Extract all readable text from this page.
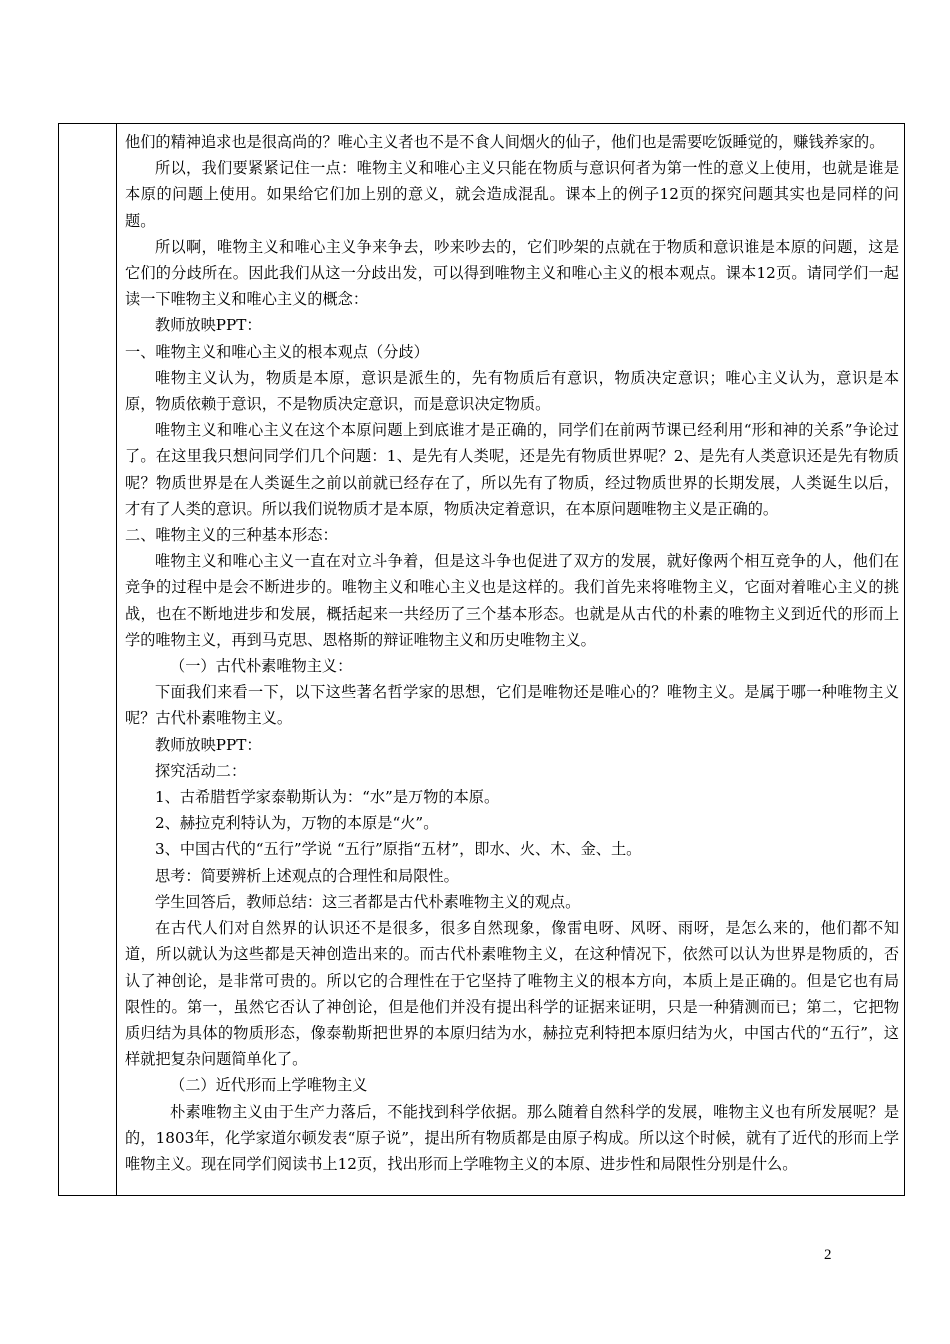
他们的精神追求也是很高尚的？唯心主义者也不是不食人间烟火的仙子，他们也是需要吃饭睡觉的，赚钱养家的。

所以，我们要紧紧记住一点：唯物主义和唯心主义只能在物质与意识何者为第一性的意义上使用，也就是谁是本原的问题上使用。如果给它们加上别的意义，就会造成混乱。课本上的例子12页的探究问题其实也是同样的问题。

所以啊，唯物主义和唯心主义争来争去，吵来吵去的，它们吵架的点就在于物质和意识谁是本原的问题，这是它们的分歧所在。因此我们从这一分歧出发，可以得到唯物主义和唯心主义的根本观点。课本12页。请同学们一起读一下唯物主义和唯心主义的概念：

教师放映PPT：

一、唯物主义和唯心主义的根本观点（分歧）

唯物主义认为，物质是本原，意识是派生的，先有物质后有意识，物质决定意识；唯心主义认为，意识是本原，物质依赖于意识，不是物质决定意识，而是意识决定物质。

唯物主义和唯心主义在这个本原问题上到底谁才是正确的，同学们在前两节课已经利用“形和神的关系”争论过了。在这里我只想问同学们几个问题：1、是先有人类呢，还是先有物质世界呢？2、是先有人类意识还是先有物质呢？物质世界是在人类诞生之前以前就已经存在了，所以先有了物质，经过物质世界的长期发展，人类诞生以后，才有了人类的意识。所以我们说物质才是本原，物质决定着意识，在本原问题唯物主义是正确的。

二、唯物主义的三种基本形态：

唯物主义和唯心主义一直在对立斗争着，但是这斗争也促进了双方的发展，就好像两个相互竞争的人，他们在竞争的过程中是会不断进步的。唯物主义和唯心主义也是这样的。我们首先来将唯物主义，它面对着唯心主义的挑战，也在不断地进步和发展，概括起来一共经历了三个基本形态。也就是从古代的朴素的唯物主义到近代的形而上学的唯物主义，再到马克思、恩格斯的辩证唯物主义和历史唯物主义。

（一）古代朴素唯物主义：

下面我们来看一下，以下这些著名哲学家的思想，它们是唯物还是唯心的？唯物主义。是属于哪一种唯物主义呢？古代朴素唯物主义。

教师放映PPT：

探究活动二：

1、古希腊哲学家泰勒斯认为：“水”是万物的本原。

2、赫拉克利特认为，万物的本原是“火”。

3、中国古代的“五行”学说 “五行”原指“五材”，即水、火、木、金、土。

思考：简要辨析上述观点的合理性和局限性。

学生回答后，教师总结：这三者都是古代朴素唯物主义的观点。

在古代人们对自然界的认识还不是很多，很多自然现象，像雷电呀、风呀、雨呀，是怎么来的，他们都不知道，所以就认为这些都是天神创造出来的。而古代朴素唯物主义，在这种情况下，依然可以认为世界是物质的，否认了神创论，是非常可贵的。所以它的合理性在于它坚持了唯物主义的根本方向，本质上是正确的。但是它也有局限性的。第一，虽然它否认了神创论，但是他们并没有提出科学的证据来证明，只是一种猜测而已；第二，它把物质归结为具体的物质形态，像泰勒斯把世界的本原归结为水，赫拉克利特把本原归结为火，中国古代的“五行”，这样就把复杂问题简单化了。

（二）近代形而上学唯物主义

朴素唯物主义由于生产力落后，不能找到科学依据。那么随着自然科学的发展，唯物主义也有所发展呢？是的，1803年，化学家道尔顿发表“原子说”，提出所有物质都是由原子构成。所以这个时候，就有了近代的形而上学唯物主义。现在同学们阅读书上12页，找出形而上学唯物主义的本原、进步性和局限性分别是什么。

2
